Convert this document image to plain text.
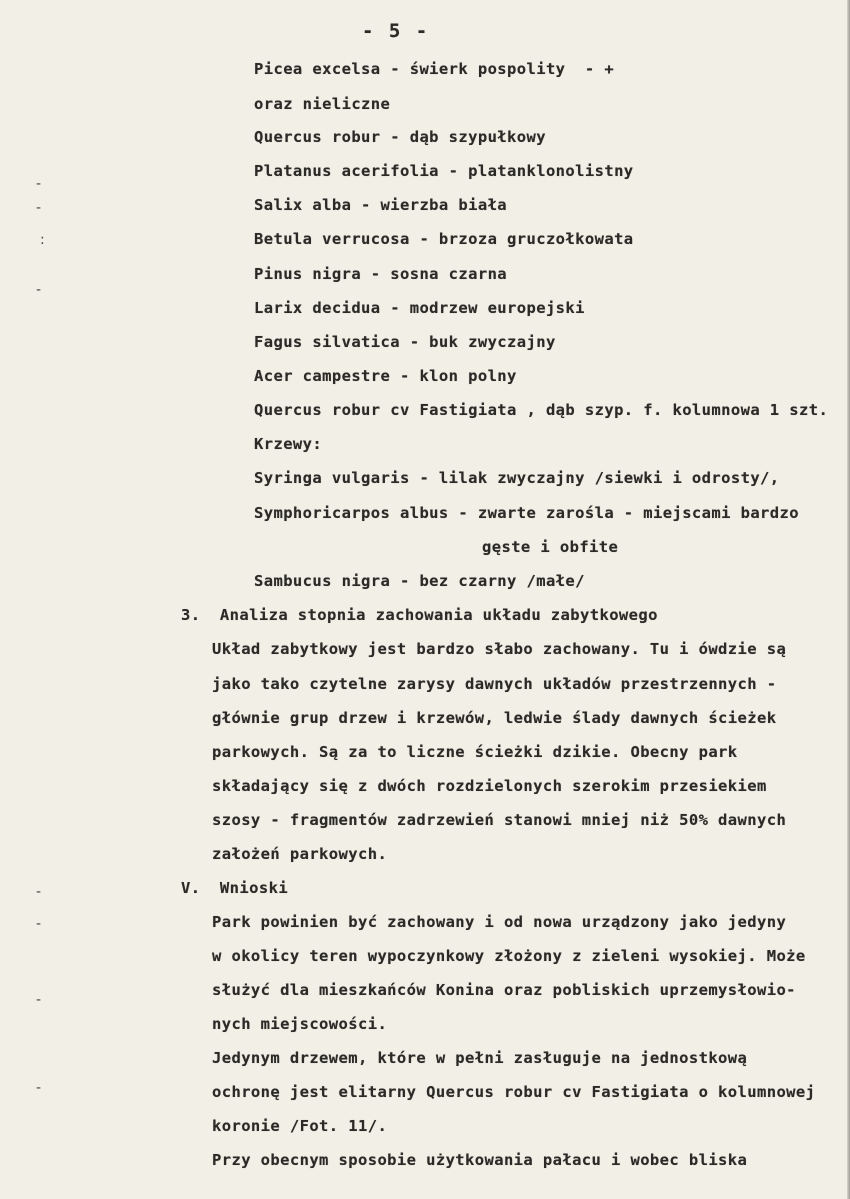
- 5 -
Picea excelsa - świerk pospolity  - +
oraz nieliczne
Quercus robur - dąb szypułkowy
Platanus acerifolia - platanklonolistny
Salix alba - wierzba biała
Betula verrucosa - brzoza gruczołkowata
Pinus nigra - sosna czarna
Larix decidua - modrzew europejski
Fagus silvatica - buk zwyczajny
Acer campestre - klon polny
Quercus robur cv Fastigiata , dąb szyp. f. kolumnowa 1 szt.
Krzewy:
Syringa vulgaris - lilak zwyczajny /siewki i odrosty/,
Symphoricarpos albus - zwarte zarośla - miejscami bardzo
gęste i obfite
Sambucus nigra - bez czarny /małe/
3.  Analiza stopnia zachowania układu zabytkowego
Układ zabytkowy jest bardzo słabo zachowany. Tu i ówdzie są
jako tako czytelne zarysy dawnych układów przestrzennych -
głównie grup drzew i krzewów, ledwie ślady dawnych ścieżek
parkowych. Są za to liczne ścieżki dzikie. Obecny park
składający się z dwóch rozdzielonych szerokim przesiekiem
szosy - fragmentów zadrzewień stanowi mniej niż 50% dawnych
założeń parkowych.
V.  Wnioski
Park powinien być zachowany i od nowa urządzony jako jedyny
w okolicy teren wypoczynkowy złożony z zieleni wysokiej. Może
służyć dla mieszkańców Konina oraz pobliskich uprzemysłowio-
nych miejscowości.
Jedynym drzewem, które w pełni zasługuje na jednostkową
ochronę jest elitarny Quercus robur cv Fastigiata o kolumnowej
koronie /Fot. 11/.
Przy obecnym sposobie użytkowania pałacu i wobec bliska
-
-
:
-
-
-
-
-
